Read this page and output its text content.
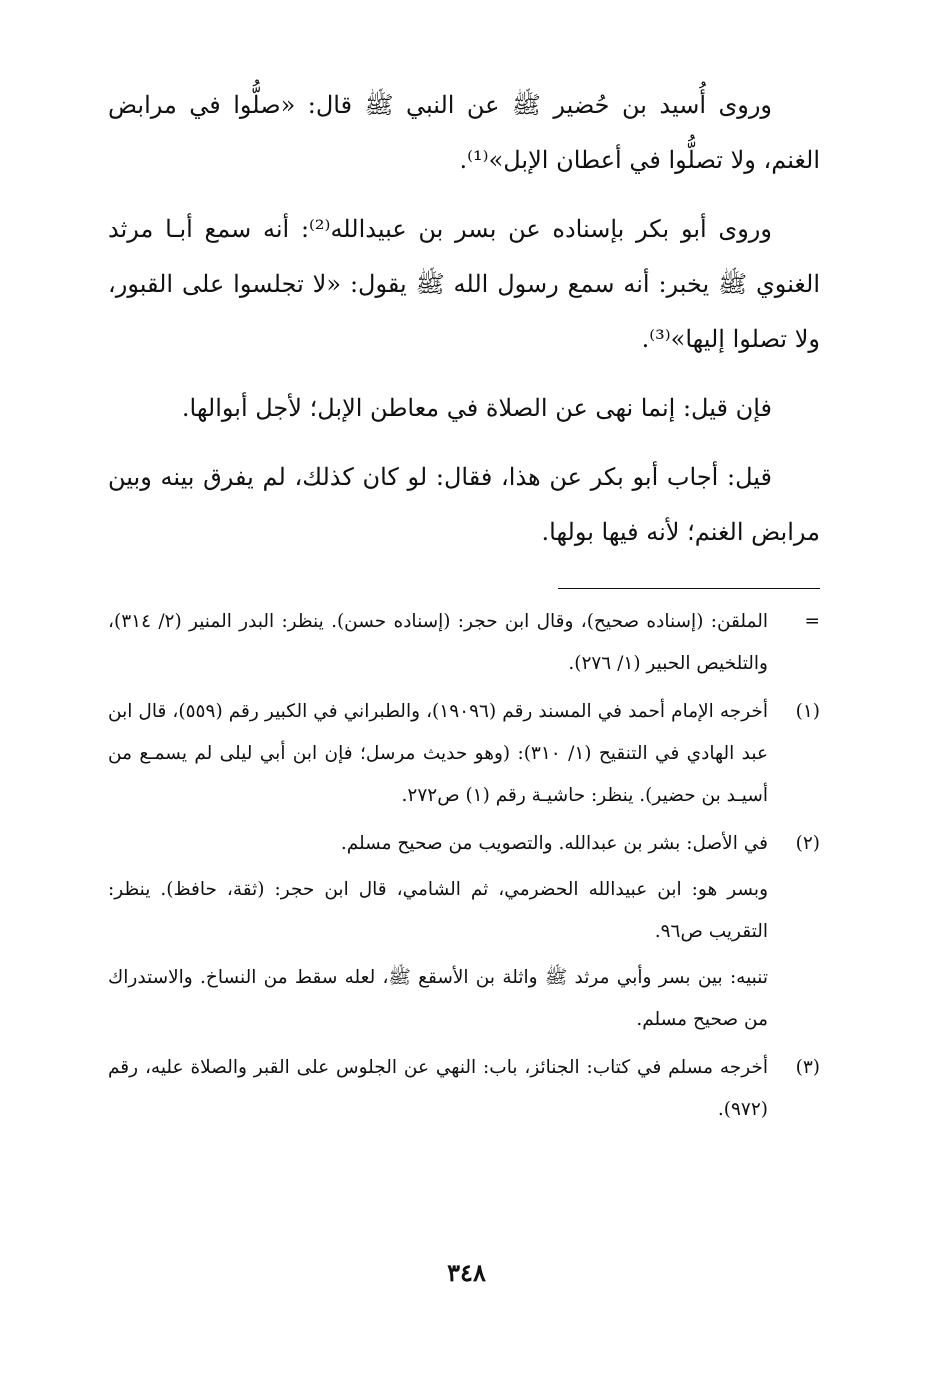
وروى أُسيد بن حُضير ﷺ عن النبي ﷺ قال: «صلُّوا في مرابض الغنم، ولا تصلُّوا في أعطان الإبل»⁽¹⁾.

وروى أبو بكر بإسناده عن بسر بن عبيدالله⁽²⁾: أنه سمع أبـا مرثد الغنوي ﷺ يخبر: أنه سمع رسول الله ﷺ يقول: «لا تجلسوا على القبور، ولا تصلوا إليها»⁽³⁾.

فإن قيل: إنما نهى عن الصلاة في معاطن الإبل؛ لأجل أبوالها.

قيل: أجاب أبو بكر عن هذا، فقال: لو كان كذلك، لم يفرق بينه وبين مرابض الغنم؛ لأنه فيها بولها.

=

الملقن: (إسناده صحيح)، وقال ابن حجر: (إسناده حسن). ينظر: البدر المنير (٢/ ٣١٤)، والتلخيص الحبير (١/ ٢٧٦).

(١)

أخرجه الإمام أحمد في المسند رقم (١٩٠٩٦)، والطبراني في الكبير رقم (٥٥٩)، قال ابن عبد الهادي في التنقيح (١/ ٣١٠): (وهو حديث مرسل؛ فإن ابن أبي ليلى لم يسمـع من أسيـد بن حضير). ينظر: حاشيـة رقم (١) ص٢٧٢.

(٢)

في الأصل: بشر بن عبدالله. والتصويب من صحيح مسلم.

وبسر هو: ابن عبيدالله الحضرمي، ثم الشامي، قال ابن حجر: (ثقة، حافظ). ينظر: التقريب ص٩٦.

تنبيه: بين بسر وأبي مرثد ﷺ واثلة بن الأسقع ﷺ، لعله سقط من النساخ. والاستدراك من صحيح مسلم.

(٣)

أخرجه مسلم في كتاب: الجنائز، باب: النهي عن الجلوس على القبر والصلاة عليه، رقم (٩٧٢).

٣٤٨
